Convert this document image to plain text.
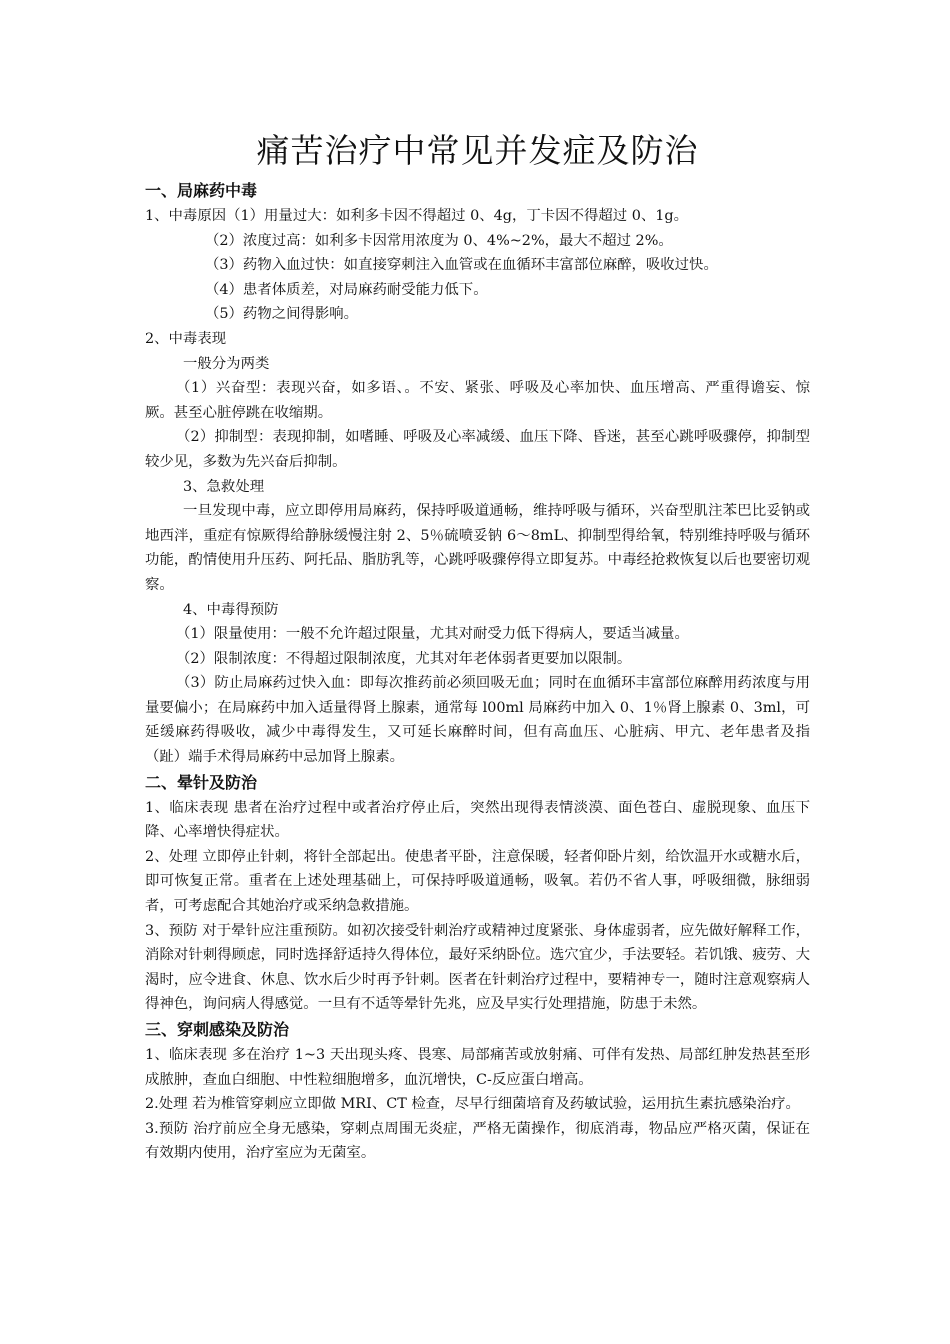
痛苦治疗中常见并发症及防治
一、局麻药中毒

1、中毒原因（1）用量过大：如利多卡因不得超过 0、4g，丁卡因不得超过 0、1g。

（2）浓度过高：如利多卡因常用浓度为 0、4%~2%，最大不超过 2%。

（3）药物入血过快：如直接穿刺注入血管或在血循环丰富部位麻醉，吸收过快。

（4）患者体质差，对局麻药耐受能力低下。

（5）药物之间得影响。

2、中毒表现

一般分为两类

（1）兴奋型：表现兴奋，如多语、。不安、紧张、呼吸及心率加快、血压增高、严重得谵妄、惊厥。甚至心脏停跳在收缩期。

（2）抑制型：表现抑制，如嗜睡、呼吸及心率减缓、血压下降、昏迷，甚至心跳呼吸骤停，抑制型较少见，多数为先兴奋后抑制。

3、急救处理

一旦发现中毒，应立即停用局麻药，保持呼吸道通畅，维持呼吸与循环，兴奋型肌注苯巴比妥钠或地西泮，重症有惊厥得给静脉缓慢注射 2、5％硫喷妥钠 6～8mL、抑制型得给氧，特别维持呼吸与循环功能，酌情使用升压药、阿托品、脂肪乳等，心跳呼吸骤停得立即复苏。中毒经抢救恢复以后也要密切观察。

4、中毒得预防

（1）限量使用：一般不允许超过限量，尤其对耐受力低下得病人，要适当减量。

（2）限制浓度：不得超过限制浓度，尤其对年老体弱者更要加以限制。

（3）防止局麻药过快入血：即每次推药前必须回吸无血；同时在血循环丰富部位麻醉用药浓度与用量要偏小；在局麻药中加入适量得肾上腺素，通常每 l00ml 局麻药中加入 0、1％肾上腺素 0、3ml，可延缓麻药得吸收，减少中毒得发生，又可延长麻醉时间，但有高血压、心脏病、甲亢、老年患者及指（趾）端手术得局麻药中忌加肾上腺素。

二、晕针及防治

1、临床表现 患者在治疗过程中或者治疗停止后，突然出现得表情淡漠、面色苍白、虚脱现象、血压下降、心率增快得症状。

2、处理 立即停止针刺，将针全部起出。使患者平卧，注意保暖，轻者仰卧片刻，给饮温开水或糖水后，即可恢复正常。重者在上述处理基础上，可保持呼吸道通畅，吸氧。若仍不省人事，呼吸细微，脉细弱者，可考虑配合其她治疗或采纳急救措施。

3、预防 对于晕针应注重预防。如初次接受针刺治疗或精神过度紧张、身体虚弱者，应先做好解释工作，消除对针刺得顾虑，同时选择舒适持久得体位，最好采纳卧位。选穴宜少，手法要轻。若饥饿、疲劳、大渴时，应令进食、休息、饮水后少时再予针刺。医者在针刺治疗过程中，要精神专一，随时注意观察病人得神色，询问病人得感觉。一旦有不适等晕针先兆，应及早实行处理措施，防患于未然。

三、穿刺感染及防治

1、临床表现 多在治疗 1~3 天出现头疼、畏寒、局部痛苦或放射痛、可伴有发热、局部红肿发热甚至形成脓肿，查血白细胞、中性粒细胞增多，血沉增快，C-反应蛋白增高。

2.处理 若为椎管穿刺应立即做 MRI、CT 检查，尽早行细菌培育及药敏试验，运用抗生素抗感染治疗。

3.预防 治疗前应全身无感染，穿刺点周围无炎症，严格无菌操作，彻底消毒，物品应严格灭菌，保证在有效期内使用，治疗室应为无菌室。
